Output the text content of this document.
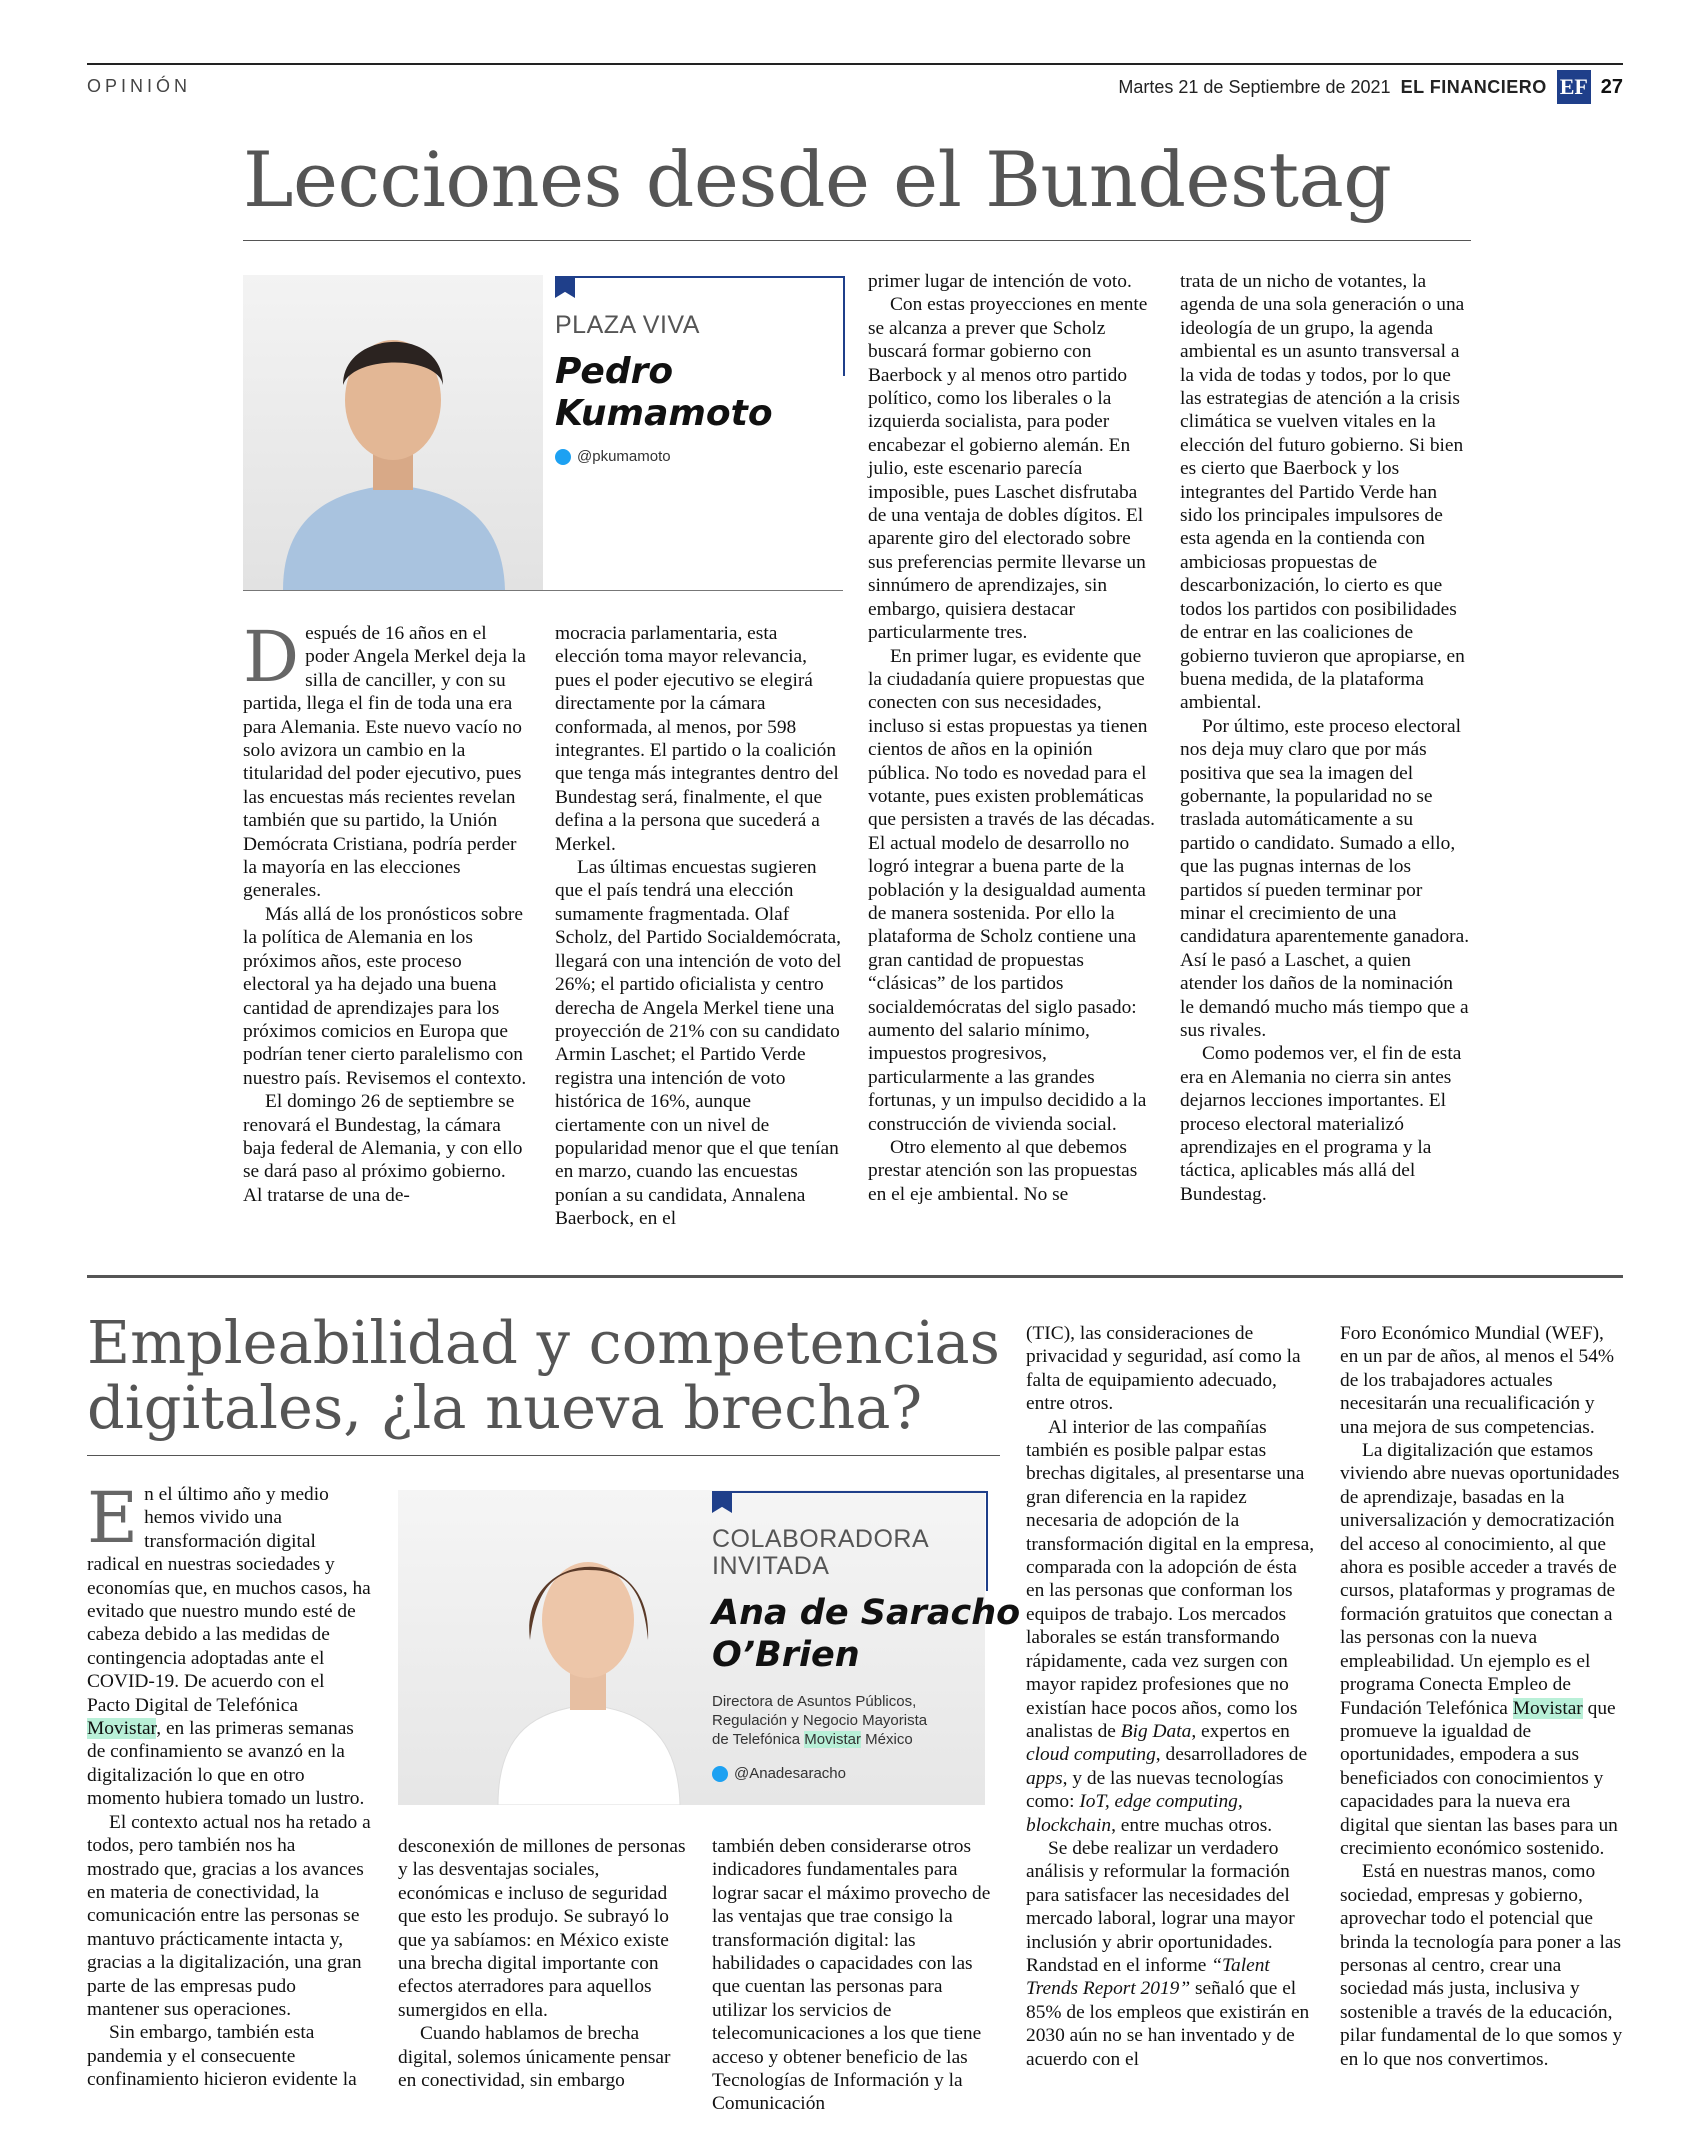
OPINIÓN	Martes 21 de Septiembre de 2021 EL FINANCIERO EF 27
Lecciones desde el Bundestag
PLAZA VIVA
Pedro
Kumamoto
@pkumamoto

D espués de 16 años en el poder Angela Merkel deja la silla de canciller, y con su partida, llega el fin de toda una era para Alemania. Este nuevo vacío no solo avizora un cambio en la titularidad del poder ejecutivo, pues las encuestas más recientes revelan también que su partido, la Unión Demócrata Cristiana, podría perder la mayoría en las elecciones generales.

Más allá de los pronósticos sobre la política de Alemania en los próximos años, este proceso electoral ya ha dejado una buena cantidad de aprendizajes para los próximos comicios en Europa que podrían tener cierto paralelismo con nuestro país. Revisemos el contexto.

El domingo 26 de septiembre se renovará el Bundestag, la cámara baja federal de Alemania, y con ello se dará paso al próximo gobierno. Al tratarse de una de-

mocracia parlamentaria, esta elección toma mayor relevancia, pues el poder ejecutivo se elegirá directamente por la cámara conformada, al menos, por 598 integrantes. El partido o la coalición que tenga más integrantes dentro del Bundestag será, finalmente, el que defina a la persona que sucederá a Merkel.

Las últimas encuestas sugieren que el país tendrá una elección sumamente fragmentada. Olaf Scholz, del Partido Socialdemócrata, llegará con una intención de voto del 26%; el partido oficialista y centro derecha de Angela Merkel tiene una proyección de 21% con su candidato Armin Laschet; el Partido Verde registra una intención de voto histórica de 16%, aunque ciertamente con un nivel de popularidad menor que el que tenían en marzo, cuando las encuestas ponían a su candidata, Annalena Baerbock, en el

primer lugar de intención de voto.

Con estas proyecciones en mente se alcanza a prever que Scholz buscará formar gobierno con Baerbock y al menos otro partido político, como los liberales o la izquierda socialista, para poder encabezar el gobierno alemán. En julio, este escenario parecía imposible, pues Laschet disfrutaba de una ventaja de dobles dígitos. El aparente giro del electorado sobre sus preferencias permite llevarse un sinnúmero de aprendizajes, sin embargo, quisiera destacar particularmente tres.

En primer lugar, es evidente que la ciudadanía quiere propuestas que conecten con sus necesidades, incluso si estas propuestas ya tienen cientos de años en la opinión pública. No todo es novedad para el votante, pues existen problemáticas que persisten a través de las décadas. El actual modelo de desarrollo no logró integrar a buena parte de la población y la desigualdad aumenta de manera sostenida. Por ello la plataforma de Scholz contiene una gran cantidad de propuestas “clásicas” de los partidos socialdemócratas del siglo pasado: aumento del salario mínimo, impuestos progresivos, particularmente a las grandes fortunas, y un impulso decidido a la construcción de vivienda social.

Otro elemento al que debemos prestar atención son las propuestas en el eje ambiental. No se

trata de un nicho de votantes, la agenda de una sola generación o una ideología de un grupo, la agenda ambiental es un asunto transversal a la vida de todas y todos, por lo que las estrategias de atención a la crisis climática se vuelven vitales en la elección del futuro gobierno. Si bien es cierto que Baerbock y los integrantes del Partido Verde han sido los principales impulsores de esta agenda en la contienda con ambiciosas propuestas de descarbonización, lo cierto es que todos los partidos con posibilidades de entrar en las coaliciones de gobierno tuvieron que apropiarse, en buena medida, de la plataforma ambiental.

Por último, este proceso electoral nos deja muy claro que por más positiva que sea la imagen del gobernante, la popularidad no se traslada automáticamente a su partido o candidato. Sumado a ello, que las pugnas internas de los partidos sí pueden terminar por minar el crecimiento de una candidatura aparentemente ganadora. Así le pasó a Laschet, a quien atender los daños de la nominación le demandó mucho más tiempo que a sus rivales.

Como podemos ver, el fin de esta era en Alemania no cierra sin antes dejarnos lecciones importantes. El proceso electoral materializó aprendizajes en el programa y la táctica, aplicables más allá del Bundestag.

Empleabilidad y competencias
digitales, ¿la nueva brecha?
COLABORADORA
INVITADA
Ana de Saracho
O’Brien
Directora de Asuntos Públicos,
Regulación y Negocio Mayorista
de Telefónica Movistar México
@Anadesaracho

En el último año y medio hemos vivido una transformación digital radical en nuestras sociedades y economías que, en muchos casos, ha evitado que nuestro mundo esté de cabeza debido a las medidas de contingencia adoptadas ante el COVID-19. De acuerdo con el Pacto Digital de Telefónica Movistar, en las primeras semanas de confinamiento se avanzó en la digitalización lo que en otro momento hubiera tomado un lustro.

El contexto actual nos ha retado a todos, pero también nos ha mostrado que, gracias a los avances en materia de conectividad, la comunicación entre las personas se mantuvo prácticamente intacta y, gracias a la digitalización, una gran parte de las empresas pudo mantener sus operaciones.

Sin embargo, también esta pandemia y el consecuente confinamiento hicieron evidente la

desconexión de millones de personas y las desventajas sociales, económicas e incluso de seguridad que esto les produjo. Se subrayó lo que ya sabíamos: en México existe una brecha digital importante con efectos aterradores para aquellos sumergidos en ella.

Cuando hablamos de brecha digital, solemos únicamente pensar en conectividad, sin embargo

también deben considerarse otros indicadores fundamentales para lograr sacar el máximo provecho de las ventajas que trae consigo la transformación digital: las habilidades o capacidades con las que cuentan las personas para utilizar los servicios de telecomunicaciones a los que tiene acceso y obtener beneficio de las Tecnologías de Información y la Comunicación

(TIC), las consideraciones de privacidad y seguridad, así como la falta de equipamiento adecuado, entre otros.

Al interior de las compañías también es posible palpar estas brechas digitales, al presentarse una gran diferencia en la rapidez necesaria de adopción de la transformación digital en la empresa, comparada con la adopción de ésta en las personas que conforman los equipos de trabajo. Los mercados laborales se están transformando rápidamente, cada vez surgen con mayor rapidez profesiones que no existían hace pocos años, como los analistas de Big Data, expertos en cloud computing, desarrolladores de apps, y de las nuevas tecnologías como: IoT, edge computing, blockchain, entre muchas otros.

Se debe realizar un verdadero análisis y reformular la formación para satisfacer las necesidades del mercado laboral, lograr una mayor inclusión y abrir oportunidades. Randstad en el informe “Talent Trends Report 2019” señaló que el 85% de los empleos que existirán en 2030 aún no se han inventado y de acuerdo con el

Foro Económico Mundial (WEF), en un par de años, al menos el 54% de los trabajadores actuales necesitarán una recualificación y una mejora de sus competencias.

La digitalización que estamos viviendo abre nuevas oportunidades de aprendizaje, basadas en la universalización y democratización del acceso al conocimiento, al que ahora es posible acceder a través de cursos, plataformas y programas de formación gratuitos que conectan a las personas con la nueva empleabilidad. Un ejemplo es el programa Conecta Empleo de Fundación Telefónica Movistar que promueve la igualdad de oportunidades, empodera a sus beneficiados con conocimientos y capacidades para la nueva era digital que sientan las bases para un crecimiento económico sostenido.

Está en nuestras manos, como sociedad, empresas y gobierno, aprovechar todo el potencial que brinda la tecnología para poner a las personas al centro, crear una sociedad más justa, inclusiva y sostenible a través de la educación, pilar fundamental de lo que somos y en lo que nos convertimos.
